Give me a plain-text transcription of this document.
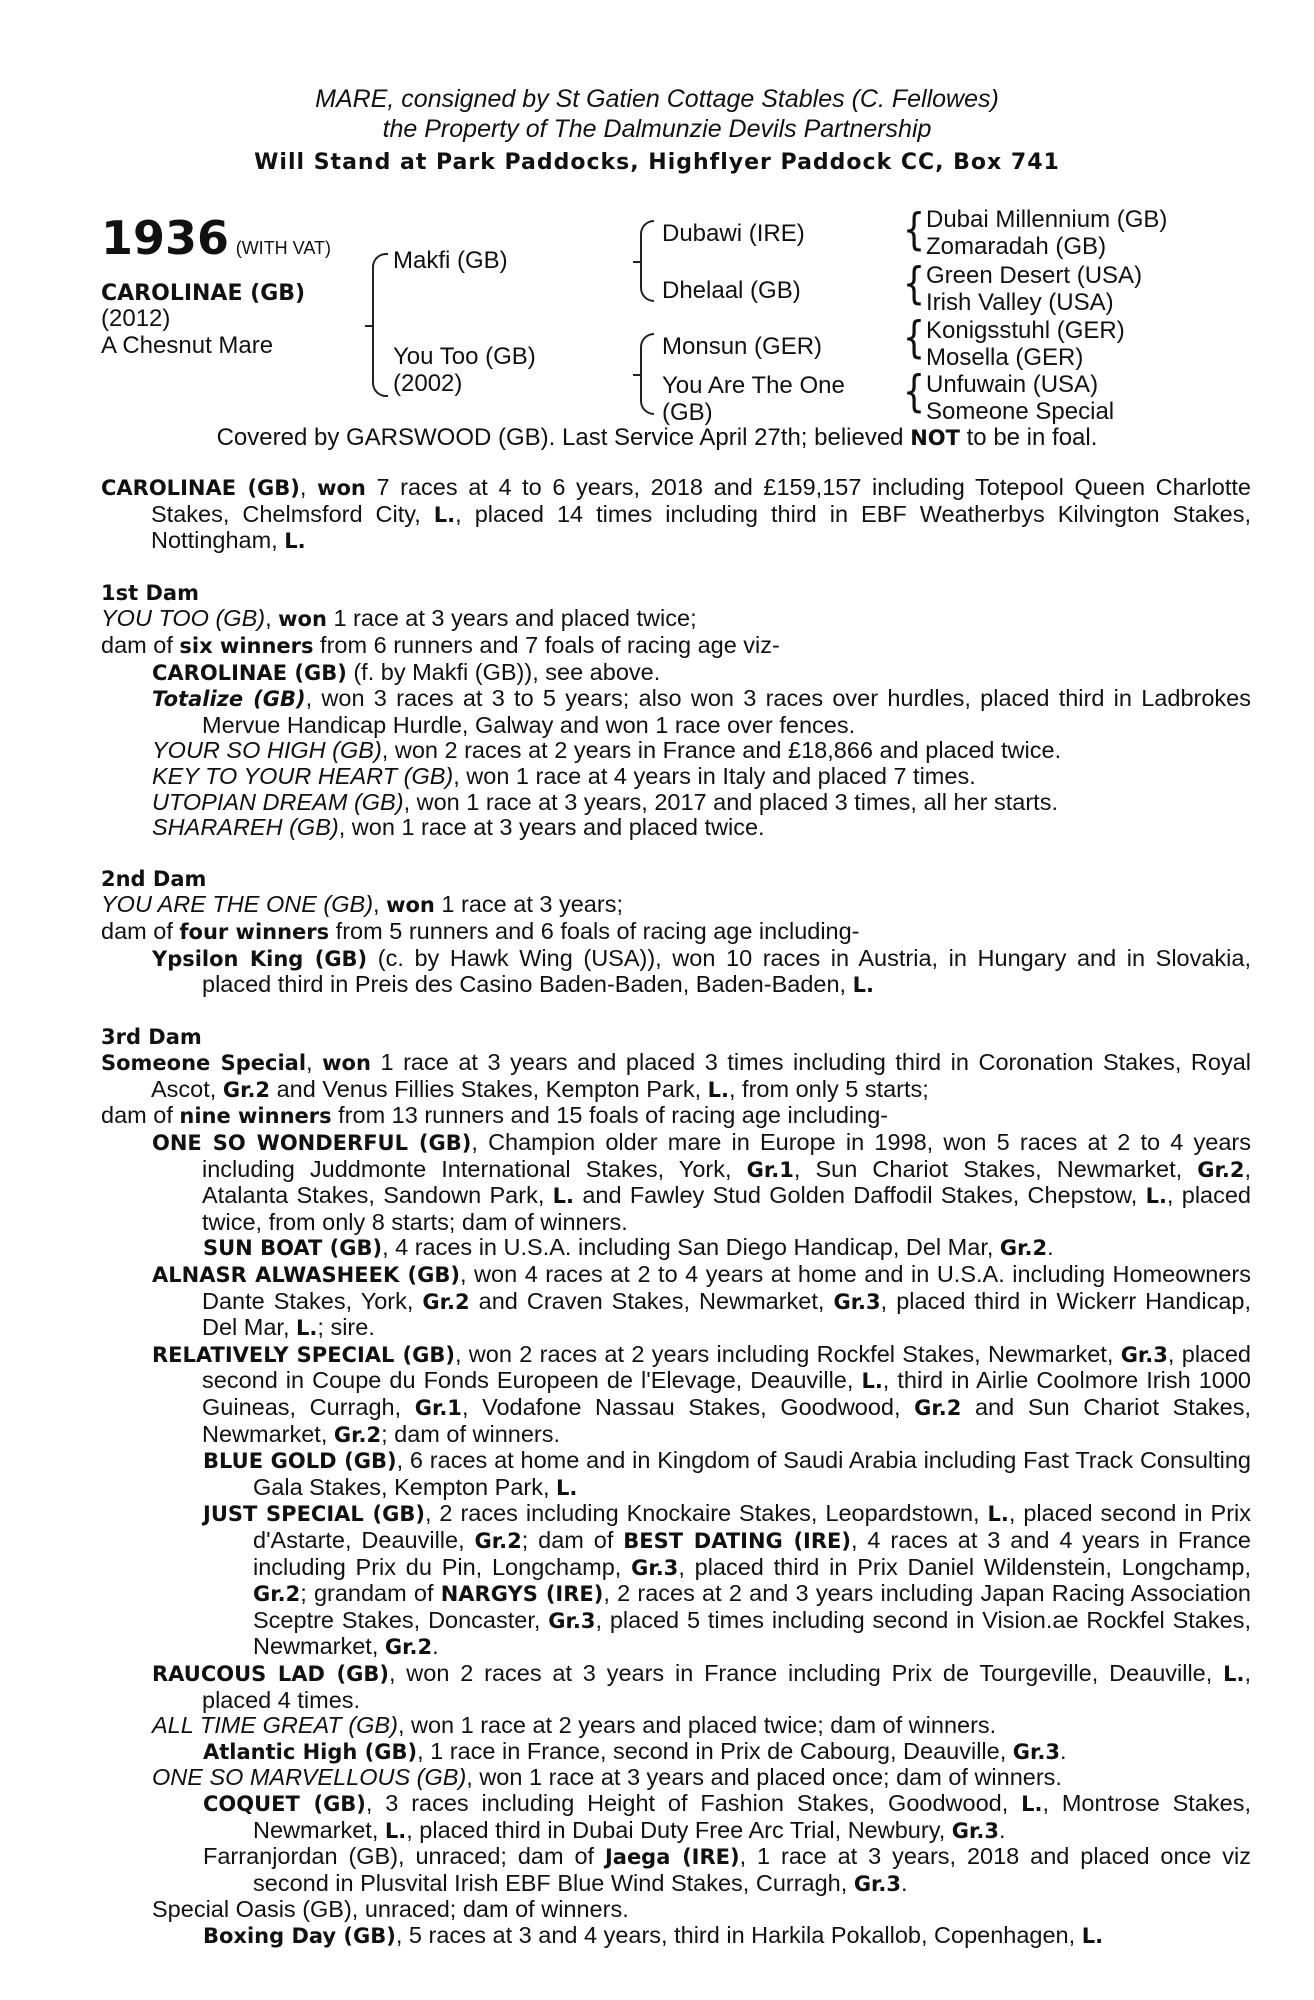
MARE, consigned by St Gatien Cottage Stables (C. Fellowes)
the Property of The Dalmunzie Devils Partnership
Will Stand at Park Paddocks, Highflyer Paddock CC, Box 741
1936 (WITH VAT)
CAROLINAE (GB)
(2012)
A Chesnut Mare
Makfi (GB)
You Too (GB)
(2002)
Dubawi (IRE)
Dhelaal (GB)
Monsun (GER)
You Are The One
(GB)
{
{
{
{
Dubai Millennium (GB)
Zomaradah (GB)
Green Desert (USA)
Irish Valley (USA)
Konigsstuhl (GER)
Mosella (GER)
Unfuwain (USA)
Someone Special
Covered by GARSWOOD (GB). Last Service April 27th; believed NOT to be in foal.
CAROLINAE (GB), won 7 races at 4 to 6 years, 2018 and £159,157 including Totepool Queen Charlotte Stakes, Chelmsford City, L., placed 14 times including third in EBF Weatherbys Kilvington Stakes, Nottingham, L.
1st Dam
YOU TOO (GB), won 1 race at 3 years and placed twice;
dam of six winners from 6 runners and 7 foals of racing age viz-
CAROLINAE (GB) (f. by Makfi (GB)), see above.
Totalize (GB), won 3 races at 3 to 5 years; also won 3 races over hurdles, placed third in Ladbrokes Mervue Handicap Hurdle, Galway and won 1 race over fences.
YOUR SO HIGH (GB), won 2 races at 2 years in France and £18,866 and placed twice.
KEY TO YOUR HEART (GB), won 1 race at 4 years in Italy and placed 7 times.
UTOPIAN DREAM (GB), won 1 race at 3 years, 2017 and placed 3 times, all her starts.
SHARAREH (GB), won 1 race at 3 years and placed twice.
2nd Dam
YOU ARE THE ONE (GB), won 1 race at 3 years;
dam of four winners from 5 runners and 6 foals of racing age including-
Ypsilon King (GB) (c. by Hawk Wing (USA)), won 10 races in Austria, in Hungary and in Slovakia, placed third in Preis des Casino Baden-Baden, Baden-Baden, L.
3rd Dam
Someone Special, won 1 race at 3 years and placed 3 times including third in Coronation Stakes, Royal Ascot, Gr.2 and Venus Fillies Stakes, Kempton Park, L., from only 5 starts;
dam of nine winners from 13 runners and 15 foals of racing age including-
ONE SO WONDERFUL (GB), Champion older mare in Europe in 1998, won 5 races at 2 to 4 years including Juddmonte International Stakes, York, Gr.1, Sun Chariot Stakes, Newmarket, Gr.2, Atalanta Stakes, Sandown Park, L. and Fawley Stud Golden Daffodil Stakes, Chepstow, L., placed twice, from only 8 starts; dam of winners.
SUN BOAT (GB), 4 races in U.S.A. including San Diego Handicap, Del Mar, Gr.2.
ALNASR ALWASHEEK (GB), won 4 races at 2 to 4 years at home and in U.S.A. including Homeowners Dante Stakes, York, Gr.2 and Craven Stakes, Newmarket, Gr.3, placed third in Wickerr Handicap, Del Mar, L.; sire.
RELATIVELY SPECIAL (GB), won 2 races at 2 years including Rockfel Stakes, Newmarket, Gr.3, placed second in Coupe du Fonds Europeen de l'Elevage, Deauville, L., third in Airlie Coolmore Irish 1000 Guineas, Curragh, Gr.1, Vodafone Nassau Stakes, Goodwood, Gr.2 and Sun Chariot Stakes, Newmarket, Gr.2; dam of winners.
BLUE GOLD (GB), 6 races at home and in Kingdom of Saudi Arabia including Fast Track Consulting Gala Stakes, Kempton Park, L.
JUST SPECIAL (GB), 2 races including Knockaire Stakes, Leopardstown, L., placed second in Prix d'Astarte, Deauville, Gr.2; dam of BEST DATING (IRE), 4 races at 3 and 4 years in France including Prix du Pin, Longchamp, Gr.3, placed third in Prix Daniel Wildenstein, Longchamp, Gr.2; grandam of NARGYS (IRE), 2 races at 2 and 3 years including Japan Racing Association Sceptre Stakes, Doncaster, Gr.3, placed 5 times including second in Vision.ae Rockfel Stakes, Newmarket, Gr.2.
RAUCOUS LAD (GB), won 2 races at 3 years in France including Prix de Tourgeville, Deauville, L., placed 4 times.
ALL TIME GREAT (GB), won 1 race at 2 years and placed twice; dam of winners.
Atlantic High (GB), 1 race in France, second in Prix de Cabourg, Deauville, Gr.3.
ONE SO MARVELLOUS (GB), won 1 race at 3 years and placed once; dam of winners.
COQUET (GB), 3 races including Height of Fashion Stakes, Goodwood, L., Montrose Stakes, Newmarket, L., placed third in Dubai Duty Free Arc Trial, Newbury, Gr.3.
Farranjordan (GB), unraced; dam of Jaega (IRE), 1 race at 3 years, 2018 and placed once viz second in Plusvital Irish EBF Blue Wind Stakes, Curragh, Gr.3.
Special Oasis (GB), unraced; dam of winners.
Boxing Day (GB), 5 races at 3 and 4 years, third in Harkila Pokallob, Copenhagen, L.
